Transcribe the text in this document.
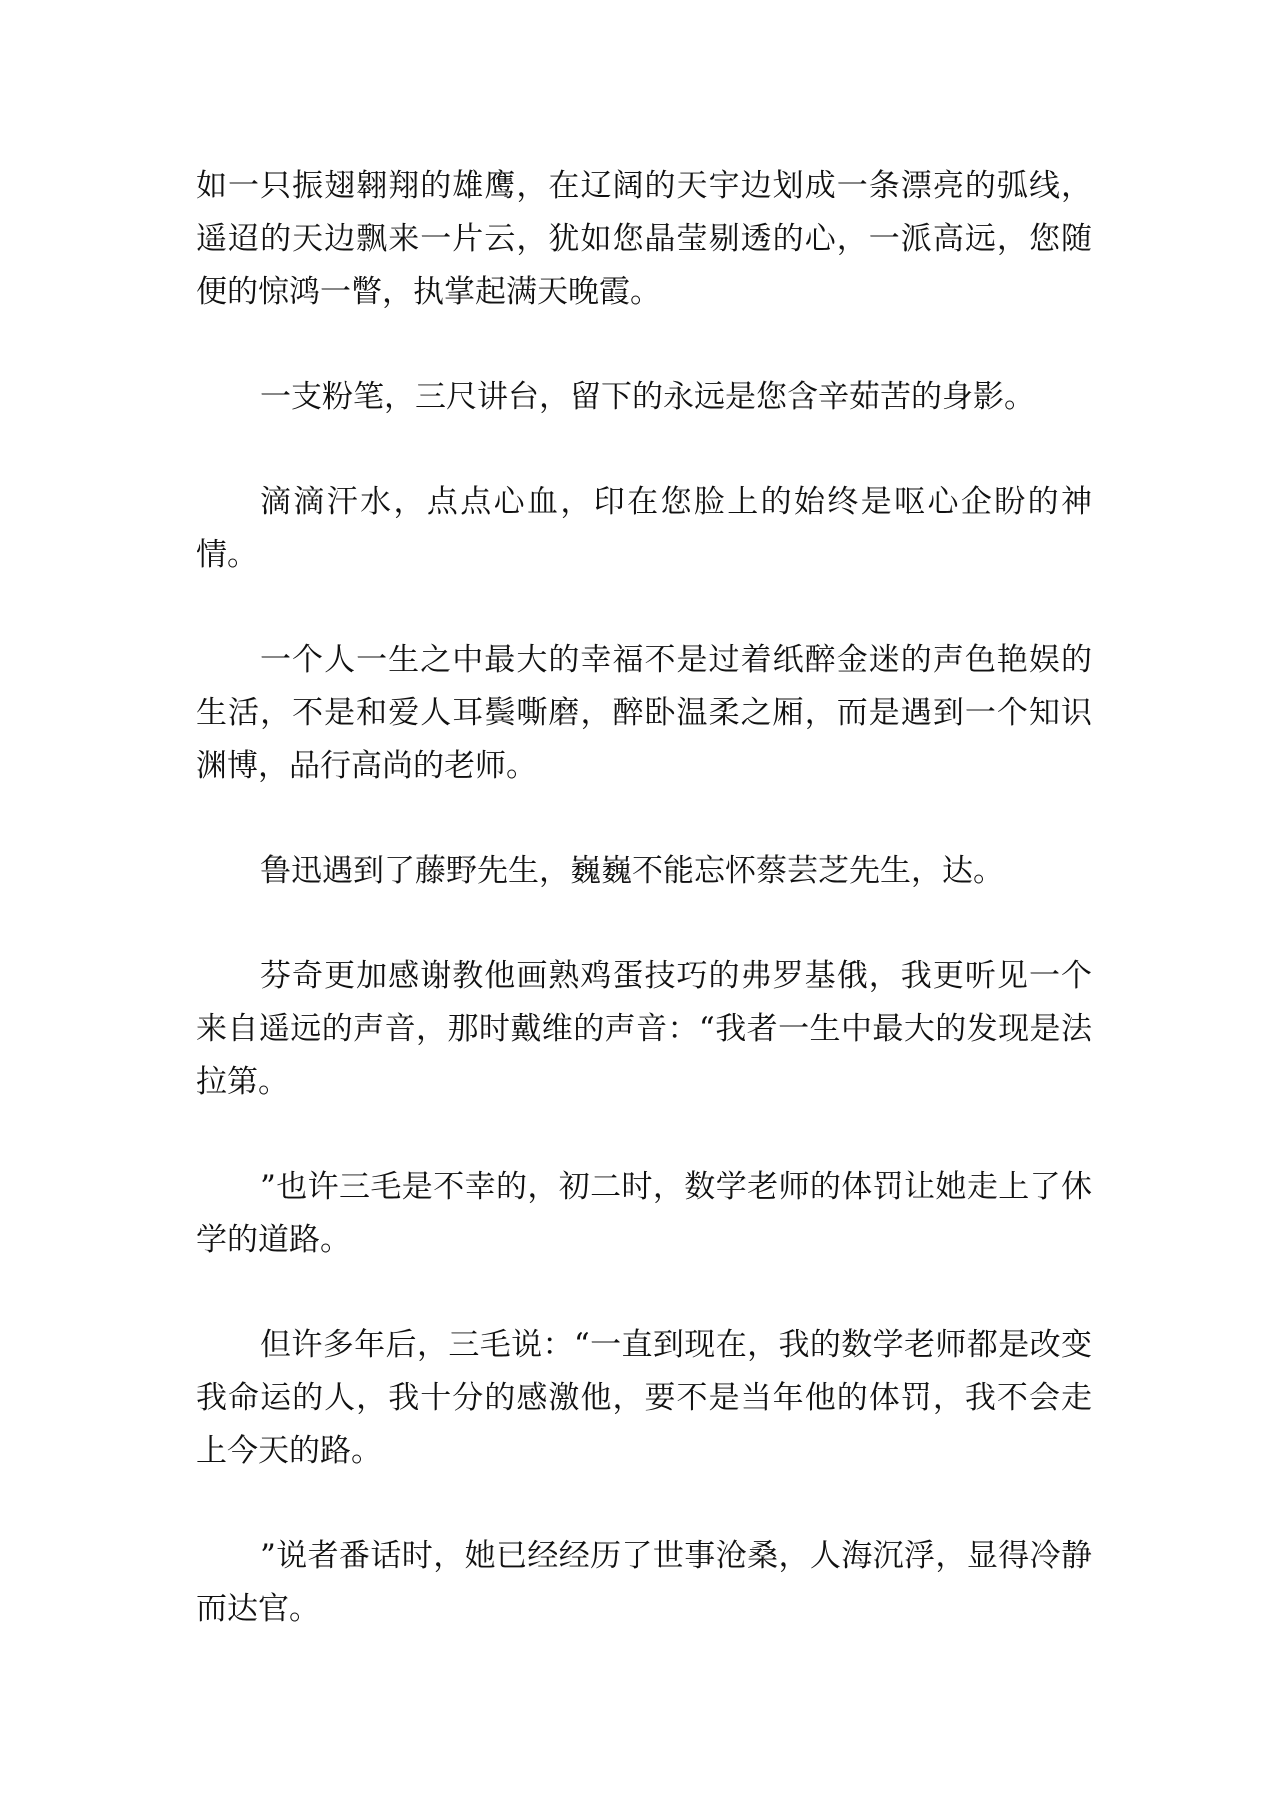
如一只振翅翱翔的雄鹰，在辽阔的天宇边划成一条漂亮的弧线，遥迢的天边飘来一片云，犹如您晶莹剔透的心，一派高远，您随便的惊鸿一瞥，执掌起满天晚霞。

一支粉笔，三尺讲台，留下的永远是您含辛茹苦的身影。

滴滴汗水，点点心血，印在您脸上的始终是呕心企盼的神情。

一个人一生之中最大的幸福不是过着纸醉金迷的声色艳娱的生活，不是和爱人耳鬓嘶磨，醉卧温柔之厢，而是遇到一个知识渊博，品行高尚的老师。

鲁迅遇到了藤野先生，巍巍不能忘怀蔡芸芝先生，达。

芬奇更加感谢教他画熟鸡蛋技巧的弗罗基俄，我更听见一个来自遥远的声音，那时戴维的声音：“我者一生中最大的发现是法拉第。

”也许三毛是不幸的，初二时，数学老师的体罚让她走上了休学的道路。

但许多年后，三毛说：“一直到现在，我的数学老师都是改变我命运的人，我十分的感激他，要不是当年他的体罚，我不会走上今天的路。

”说者番话时，她已经经历了世事沧桑，人海沉浮，显得冷静而达官。
